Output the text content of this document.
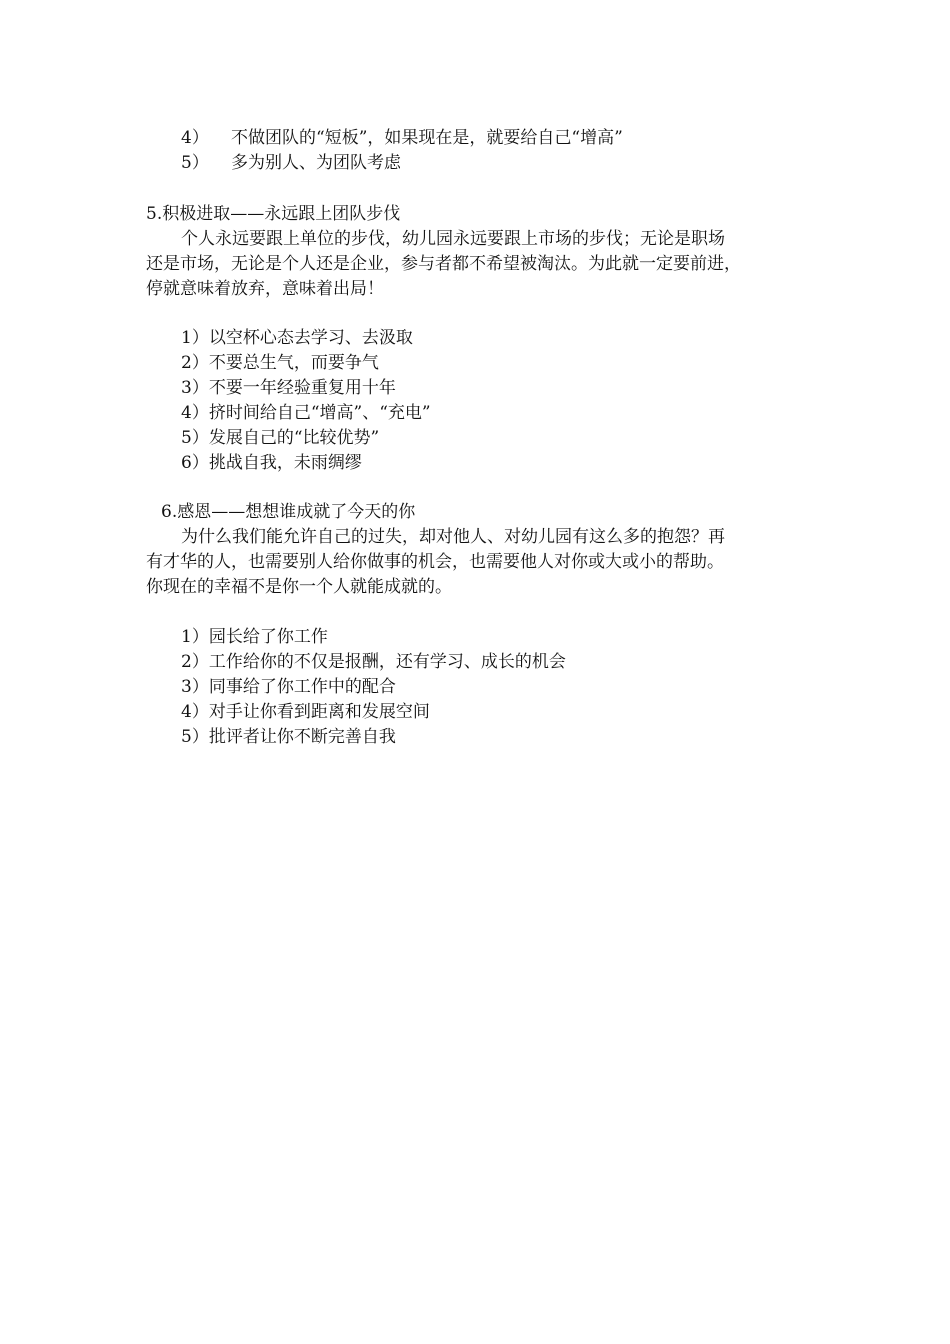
4） 不做团队的“短板”，如果现在是，就要给自己“增高”
5） 多为别人、为团队考虑
5.积极进取——永远跟上团队步伐
个人永远要跟上单位的步伐，幼儿园永远要跟上市场的步伐；无论是职场
还是市场，无论是个人还是企业，参与者都不希望被淘汰。为此就一定要前进，
停就意味着放弃，意味着出局！
1）以空杯心态去学习、去汲取
2）不要总生气，而要争气
3）不要一年经验重复用十年
4）挤时间给自己“增高”、“充电”
5）发展自己的“比较优势”
6）挑战自我，未雨绸缪
6.感恩——想想谁成就了今天的你
为什么我们能允许自己的过失，却对他人、对幼儿园有这么多的抱怨？再
有才华的人，也需要别人给你做事的机会，也需要他人对你或大或小的帮助。
你现在的幸福不是你一个人就能成就的。
1）园长给了你工作
2）工作给你的不仅是报酬，还有学习、成长的机会
3）同事给了你工作中的配合
4）对手让你看到距离和发展空间
5）批评者让你不断完善自我
